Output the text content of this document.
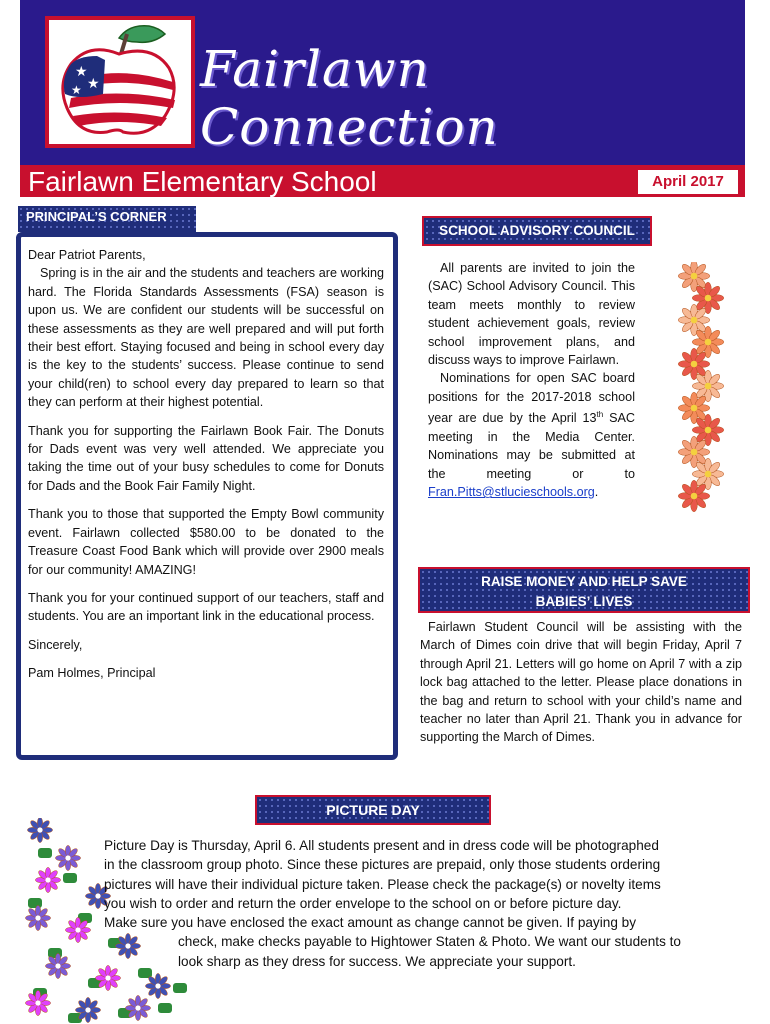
★
★
★ Fairlawn Connection
Fairlawn Elementary School	April 2017
PRINCIPAL’S CORNER

Dear Patriot Parents,

Spring is in the air and the students and teachers are working hard. The Florida Standards Assessments (FSA) season is upon us. We are confident our students will be successful on these assessments as they are well prepared and will put forth their best effort. Staying focused and being in school every day is the key to the students’ success. Please continue to send your child(ren) to school every day prepared to learn so that they can perform at their highest potential.

Thank you for supporting the Fairlawn Book Fair. The Donuts for Dads event was very well attended. We appreciate you taking the time out of your busy schedules to come for Donuts for Dads and the Book Fair Family Night.

Thank you to those that supported the Empty Bowl community event. Fairlawn collected $580.00 to be donated to the Treasure Coast Food Bank which will provide over 2900 meals for our community! AMAZING!

Thank you for your continued support of our teachers, staff and students. You are an important link in the educational process.

Sincerely,

Pam Holmes, Principal

SCHOOL ADVISORY COUNCIL

All parents are invited to join the (SAC) School Advisory Council. This team meets monthly to review student achievement goals, review school improvement plans, and discuss ways to improve Fairlawn.

Nominations for open SAC board positions for the 2017-2018 school year are due by the April 13th SAC meeting in the Media Center. Nominations may be submitted at the meeting or to Fran.Pitts@stlucieschools.org.

RAISE MONEY AND HELP SAVE
BABIES’ LIVES
Fairlawn Student Council will be assisting with the March of Dimes coin drive that will begin Friday, April 7 through April 21. Letters will go home on April 7 with a zip lock bag attached to the letter. Please place donations in the bag and return to school with your child’s name and teacher no later than April 21. Thank you in advance for supporting the March of Dimes.
PICTURE DAY
Picture Day is Thursday, April 6. All students present and in dress code will be photographed
in the classroom group photo. Since these pictures are prepaid, only those students ordering
pictures will have their individual picture taken. Please check the package(s) or novelty items
you wish to order and return the order envelope to the school on or before picture day.
Make sure you have enclosed the exact amount as change cannot be given. If paying by
check, make checks payable to Hightower Staten & Photo. We want our students to
look sharp as they dress for success. We appreciate your support.
